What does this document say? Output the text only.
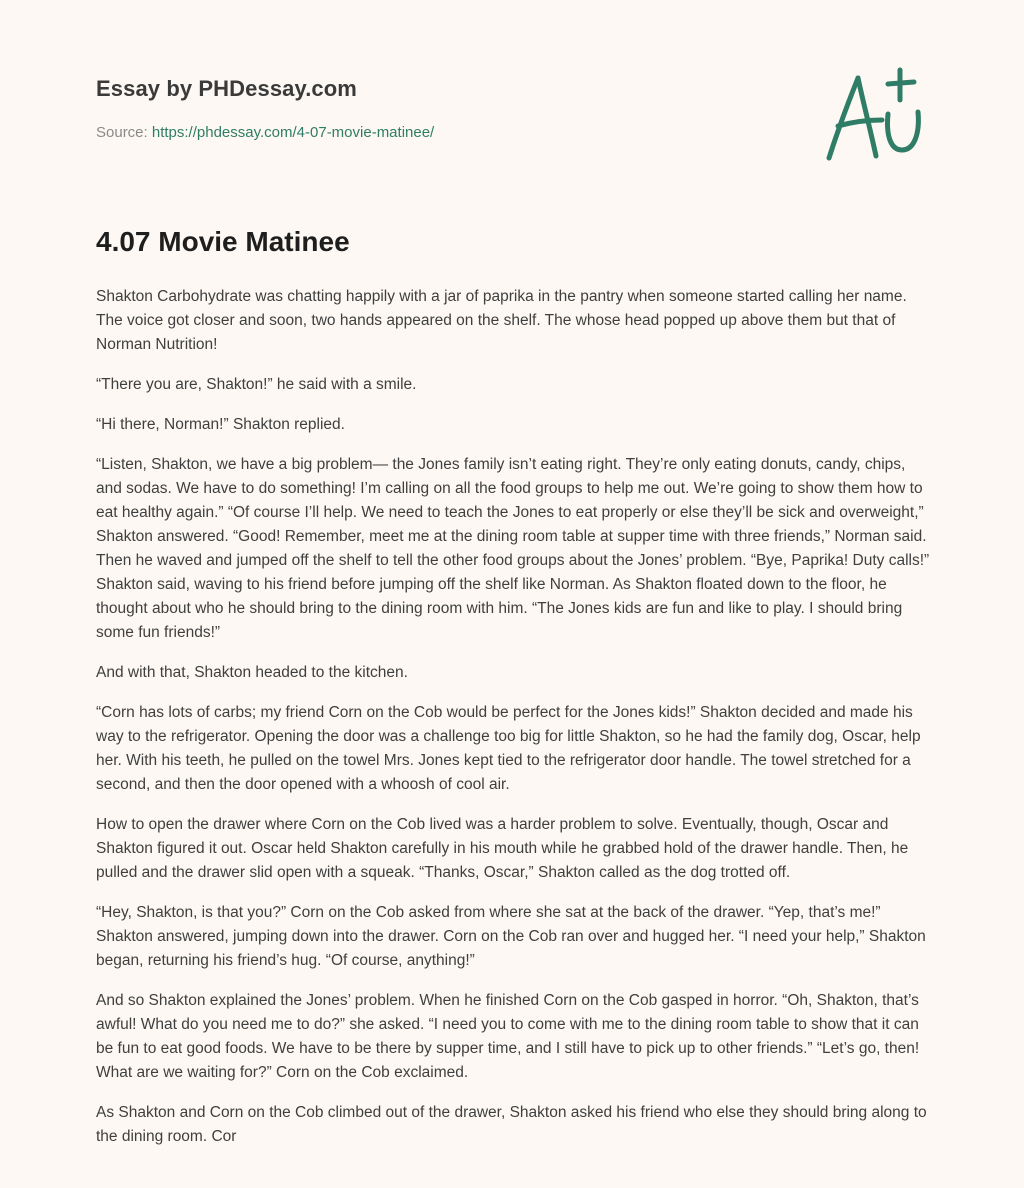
Essay by PHDessay.com
Source: https://phdessay.com/4-07-movie-matinee/
4.07 Movie Matinee

Shakton Carbohydrate was chatting happily with a jar of paprika in the pantry when someone started calling her name. The voice got closer and soon, two hands appeared on the shelf. The whose head popped up above them but that of Norman Nutrition!

“There you are, Shakton!” he said with a smile.

“Hi there, Norman!” Shakton replied.

“Listen, Shakton, we have a big problem— the Jones family isn’t eating right. They’re only eating donuts, candy, chips, and sodas. We have to do something! I’m calling on all the food groups to help me out. We’re going to show them how to eat healthy again.” “Of course I’ll help. We need to teach the Jones to eat properly or else they’ll be sick and overweight,” Shakton answered. “Good! Remember, meet me at the dining room table at supper time with three friends,” Norman said. Then he waved and jumped off the shelf to tell the other food groups about the Jones’ problem. “Bye, Paprika! Duty calls!” Shakton said, waving to his friend before jumping off the shelf like Norman. As Shakton floated down to the floor, he thought about who he should bring to the dining room with him. “The Jones kids are fun and like to play. I should bring some fun friends!”

And with that, Shakton headed to the kitchen.

“Corn has lots of carbs; my friend Corn on the Cob would be perfect for the Jones kids!” Shakton decided and made his way to the refrigerator. Opening the door was a challenge too big for little Shakton, so he had the family dog, Oscar, help her. With his teeth, he pulled on the towel Mrs. Jones kept tied to the refrigerator door handle. The towel stretched for a second, and then the door opened with a whoosh of cool air.

How to open the drawer where Corn on the Cob lived was a harder problem to solve. Eventually, though, Oscar and Shakton figured it out. Oscar held Shakton carefully in his mouth while he grabbed hold of the drawer handle. Then, he pulled and the drawer slid open with a squeak. “Thanks, Oscar,” Shakton called as the dog trotted off.

“Hey, Shakton, is that you?” Corn on the Cob asked from where she sat at the back of the drawer. “Yep, that’s me!” Shakton answered, jumping down into the drawer. Corn on the Cob ran over and hugged her. “I need your help,” Shakton began, returning his friend’s hug. “Of course, anything!”

And so Shakton explained the Jones’ problem. When he finished Corn on the Cob gasped in horror. “Oh, Shakton, that’s awful! What do you need me to do?” she asked. “I need you to come with me to the dining room table to show that it can be fun to eat good foods. We have to be there by supper time, and I still have to pick up to other friends.” “Let’s go, then! What are we waiting for?” Corn on the Cob exclaimed.

As Shakton and Corn on the Cob climbed out of the drawer, Shakton asked his friend who else they should bring along to the dining room. Cor
